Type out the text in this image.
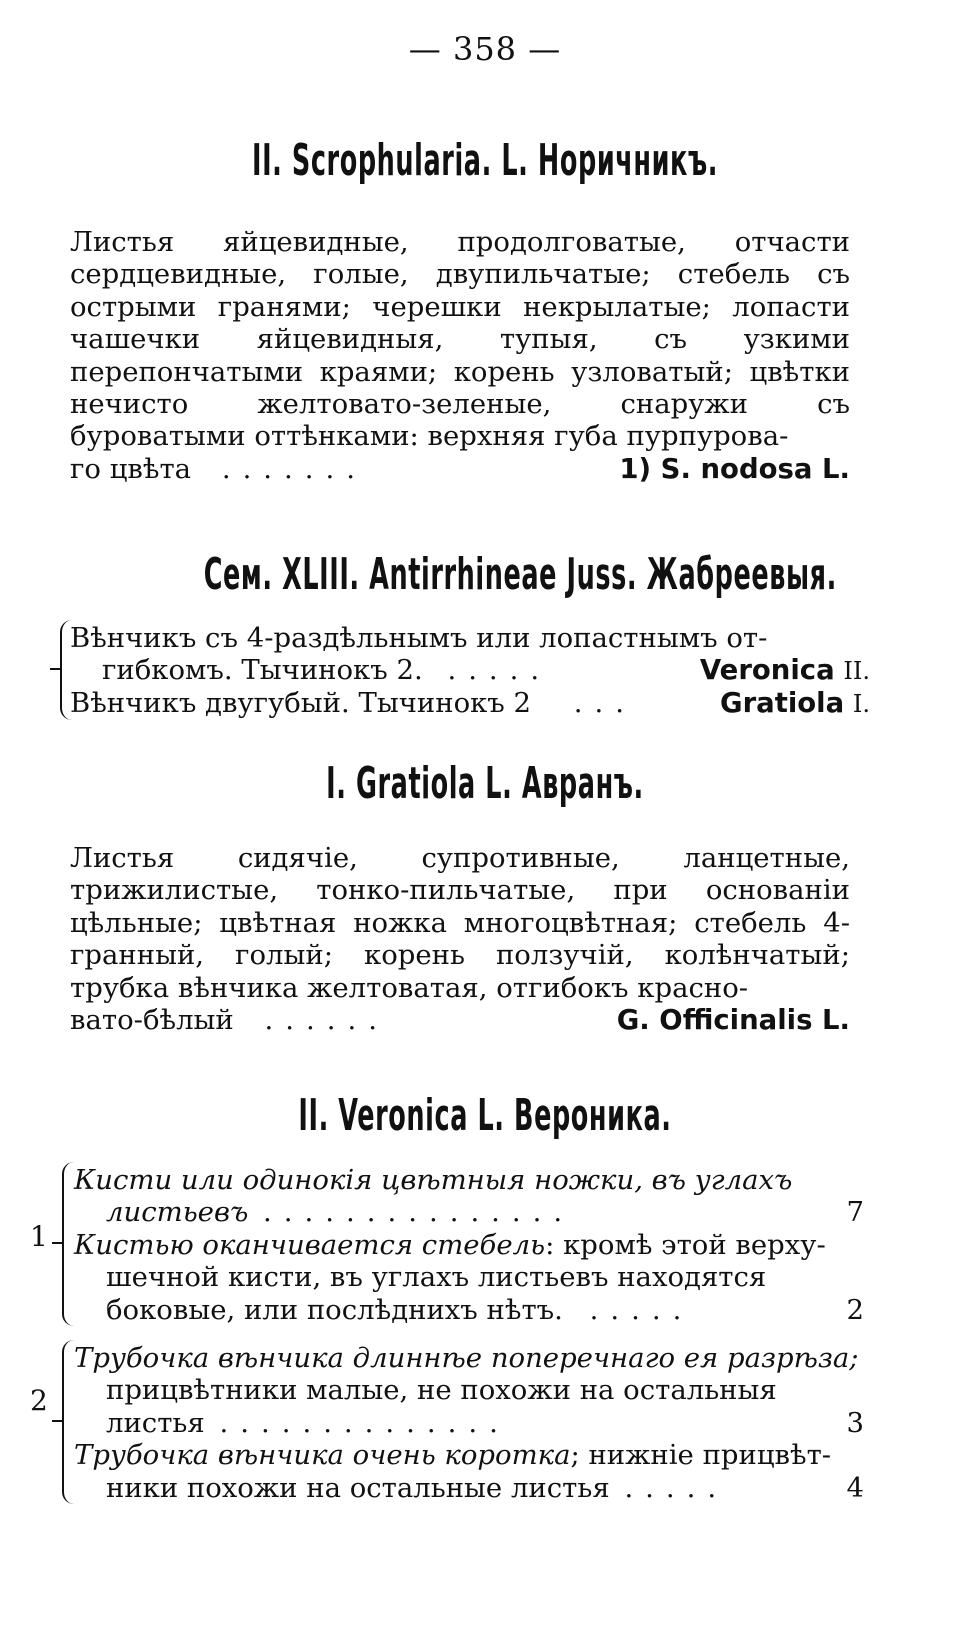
— 358 —
II. Scrophularia. L. Норичникъ.

Листья яйцевидные, продолговатые, отчасти сердцевидные, голые, двупильчатые; стебель съ острыми гранями; черешки некрылатые; лопасти чашечки яйцевидныя, тупыя, съ узкими перепончатыми краями; корень узловатый; цвѣтки нечисто желтовато-зеленые, снаружи съ буроватыми оттѣнками: верхняя губа пурпурова-

го цвѣта .......	1) S. nodosa L.
Сем. XLIII. Antirrhineae Juss. Жабреевыя.
Вѣнчикъ съ 4-раздѣльнымъ или лопастнымъ от-
гибкомъ. Тычинокъ 2. .....	Veronica II.
Вѣнчикъ двугубый. Тычинокъ 2 ...	Gratiola I.
I. Gratiola L. Авранъ.

Листья сидячіе, супротивные, ланцетные, трижилистые, тонко-пильчатые, при основаніи цѣльные; цвѣтная ножка многоцвѣтная; стебель 4-гранный, голый; корень ползучій, колѣнчатый; трубка вѣнчика желтоватая, отгибокъ красно-

вато-бѣлый ......	G. Officinalis L.
II. Veronica L. Вероника.
1
Кисти или одинокія цвѣтныя ножки, въ углахъ
листьевъ ...............	7
Кистью оканчивается стебель: кромѣ этой верху-
шечной кисти, въ углахъ листьевъ находятся
боковые, или послѣднихъ нѣтъ. .....	2
2
Трубочка вѣнчика длиннѣе поперечнаго ея разрѣза;
прицвѣтники малые, не похожи на остальныя
листья ..............	3
Трубочка вѣнчика очень коротка; нижніе прицвѣт-
ники похожи на остальные листья .....	4
